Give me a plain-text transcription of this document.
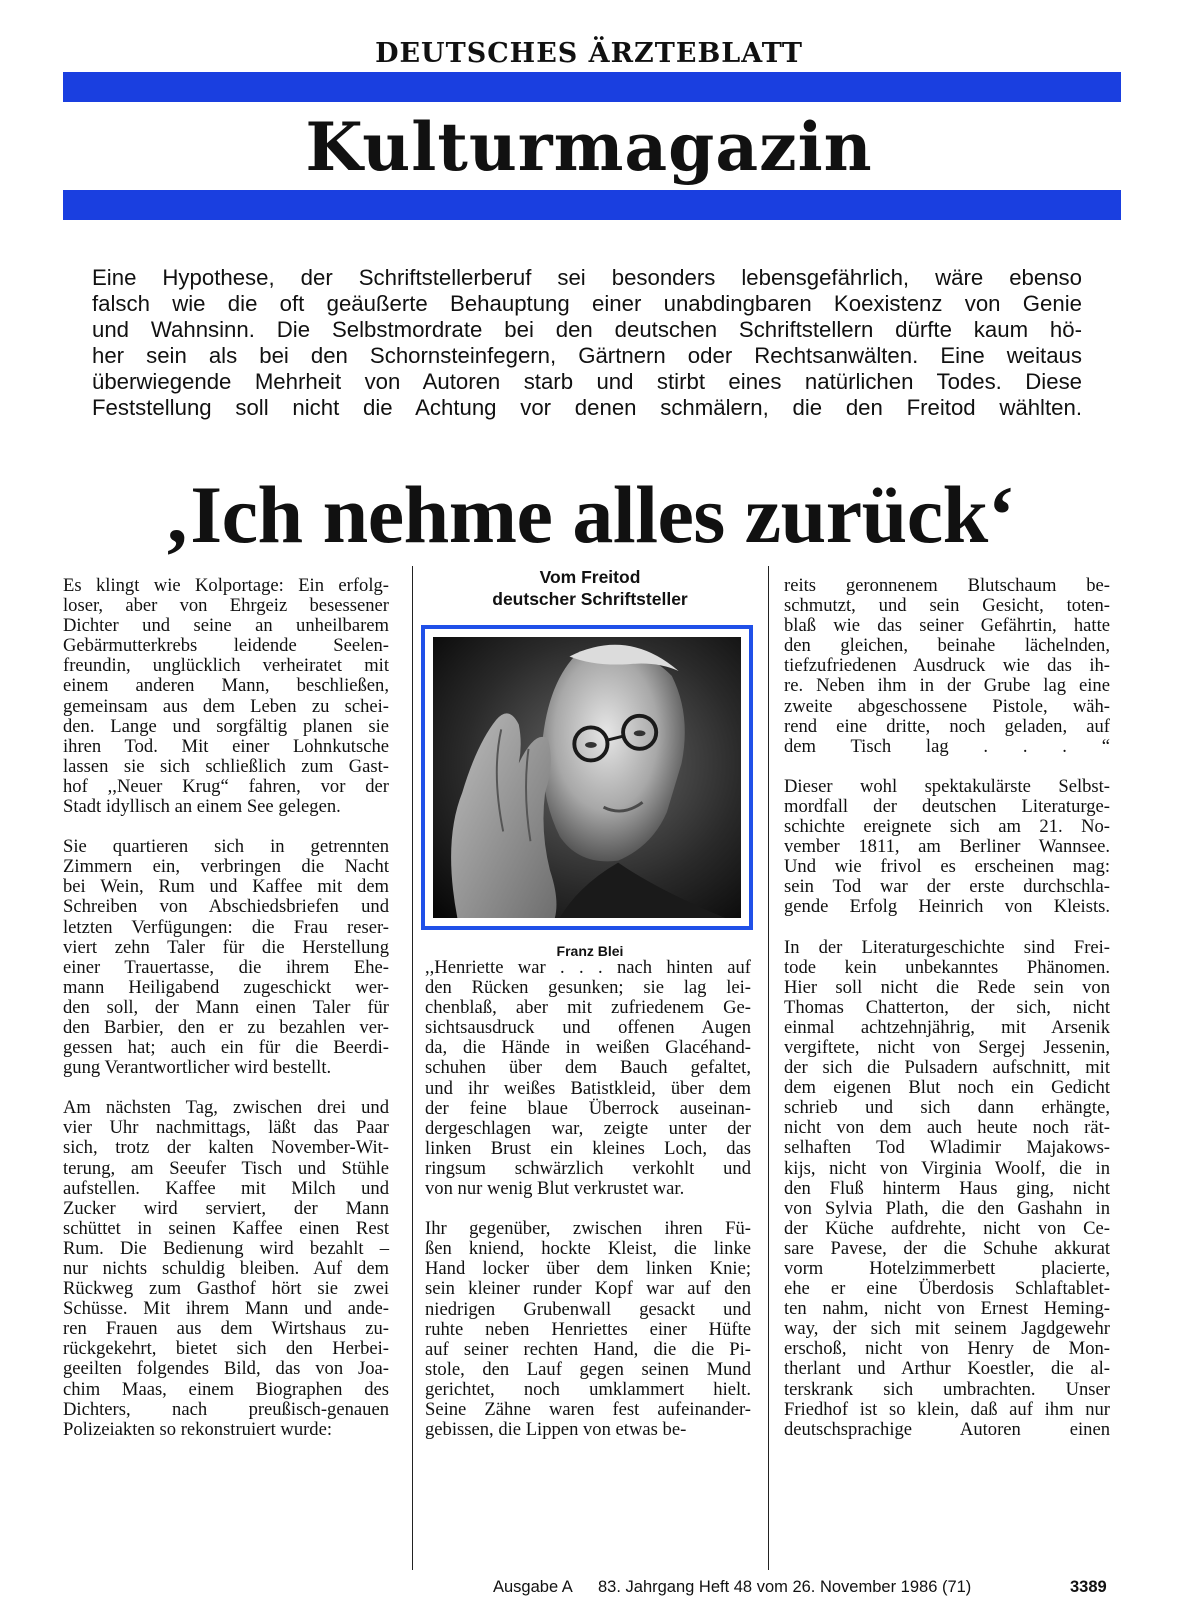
DEUTSCHES ÄRZTEBLATT
Kulturmagazin
Eine Hypothese, der Schriftstellerberuf sei besonders lebensgefährlich, wäre ebenso
falsch wie die oft geäußerte Behauptung einer unabdingbaren Koexistenz von Genie
und Wahnsinn. Die Selbstmordrate bei den deutschen Schriftstellern dürfte kaum hö-
her sein als bei den Schornsteinfegern, Gärtnern oder Rechtsanwälten. Eine weitaus
überwiegende Mehrheit von Autoren starb und stirbt eines natürlichen Todes. Diese
Feststellung soll nicht die Achtung vor denen schmälern, die den Freitod wählten.
‚Ich nehme alles zurück‘
Es klingt wie Kolportage: Ein erfolg-
loser, aber von Ehrgeiz besessener
Dichter und seine an unheilbarem
Gebärmutterkrebs leidende Seelen-
freundin, unglücklich verheiratet mit
einem anderen Mann, beschließen,
gemeinsam aus dem Leben zu schei-
den. Lange und sorgfältig planen sie
ihren Tod. Mit einer Lohnkutsche
lassen sie sich schließlich zum Gast-
hof ,,Neuer Krug“ fahren, vor der
Stadt idyllisch an einem See gelegen.
Sie quartieren sich in getrennten
Zimmern ein, verbringen die Nacht
bei Wein, Rum und Kaffee mit dem
Schreiben von Abschiedsbriefen und
letzten Verfügungen: die Frau reser-
viert zehn Taler für die Herstellung
einer Trauertasse, die ihrem Ehe-
mann Heiligabend zugeschickt wer-
den soll, der Mann einen Taler für
den Barbier, den er zu bezahlen ver-
gessen hat; auch ein für die Beerdi-
gung Verantwortlicher wird bestellt.
Am nächsten Tag, zwischen drei und
vier Uhr nachmittags, läßt das Paar
sich, trotz der kalten November-Wit-
terung, am Seeufer Tisch und Stühle
aufstellen. Kaffee mit Milch und
Zucker wird serviert, der Mann
schüttet in seinen Kaffee einen Rest
Rum. Die Bedienung wird bezahlt –
nur nichts schuldig bleiben. Auf dem
Rückweg zum Gasthof hört sie zwei
Schüsse. Mit ihrem Mann und ande-
ren Frauen aus dem Wirtshaus zu-
rückgekehrt, bietet sich den Herbei-
geeilten folgendes Bild, das von Joa-
chim Maas, einem Biographen des
Dichters, nach preußisch-genauen
Polizeiakten so rekonstruiert wurde:
Vom Freitod
deutscher Schriftsteller
Franz Blei
,,Henriette war . . . nach hinten auf
den Rücken gesunken; sie lag lei-
chenblaß, aber mit zufriedenem Ge-
sichtsausdruck und offenen Augen
da, die Hände in weißen Glacéhand-
schuhen über dem Bauch gefaltet,
und ihr weißes Batistkleid, über dem
der feine blaue Überrock auseinan-
dergeschlagen war, zeigte unter der
linken Brust ein kleines Loch, das
ringsum schwärzlich verkohlt und
von nur wenig Blut verkrustet war.
Ihr gegenüber, zwischen ihren Fü-
ßen kniend, hockte Kleist, die linke
Hand locker über dem linken Knie;
sein kleiner runder Kopf war auf den
niedrigen Grubenwall gesackt und
ruhte neben Henriettes einer Hüfte
auf seiner rechten Hand, die die Pi-
stole, den Lauf gegen seinen Mund
gerichtet, noch umklammert hielt.
Seine Zähne waren fest aufeinander-
gebissen, die Lippen von etwas be-
reits geronnenem Blutschaum be-
schmutzt, und sein Gesicht, toten-
blaß wie das seiner Gefährtin, hatte
den gleichen, beinahe lächelnden,
tiefzufriedenen Ausdruck wie das ih-
re. Neben ihm in der Grube lag eine
zweite abgeschossene Pistole, wäh-
rend eine dritte, noch geladen, auf
dem Tisch lag . . . “
Dieser wohl spektakulärste Selbst-
mordfall der deutschen Literaturge-
schichte ereignete sich am 21. No-
vember 1811, am Berliner Wannsee.
Und wie frivol es erscheinen mag:
sein Tod war der erste durchschla-
gende Erfolg Heinrich von Kleists.
In der Literaturgeschichte sind Frei-
tode kein unbekanntes Phänomen.
Hier soll nicht die Rede sein von
Thomas Chatterton, der sich, nicht
einmal achtzehnjährig, mit Arsenik
vergiftete, nicht von Sergej Jessenin,
der sich die Pulsadern aufschnitt, mit
dem eigenen Blut noch ein Gedicht
schrieb und sich dann erhängte,
nicht von dem auch heute noch rät-
selhaften Tod Wladimir Majakows-
kijs, nicht von Virginia Woolf, die in
den Fluß hinterm Haus ging, nicht
von Sylvia Plath, die den Gashahn in
der Küche aufdrehte, nicht von Ce-
sare Pavese, der die Schuhe akkurat
vorm Hotelzimmerbett placierte,
ehe er eine Überdosis Schlaftablet-
ten nahm, nicht von Ernest Heming-
way, der sich mit seinem Jagdgewehr
erschoß, nicht von Henry de Mon-
therlant und Arthur Koestler, die al-
terskrank sich umbrachten. Unser
Friedhof ist so klein, daß auf ihm nur
deutschsprachige Autoren einen
Ausgabe A 83. Jahrgang Heft 48 vom 26. November 1986 (71)	3389
